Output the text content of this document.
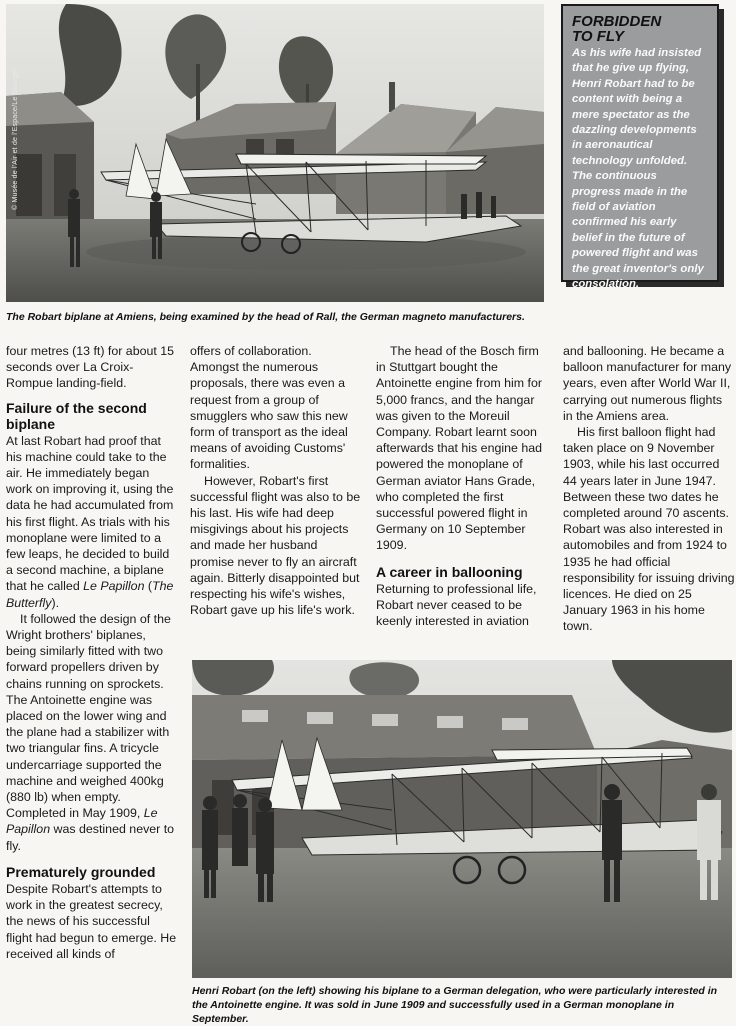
© Musée de l'Air et de l'Espace/Le Bourget
FORBIDDEN
TO FLY

As his wife had insisted that he give up flying, Henri Robart had to be content with being a mere spectator as the dazzling developments in aeronautical technology unfolded. The continuous progress made in the field of aviation confirmed his early belief in the future of powered flight and was the great inventor's only consolation.

The Robart biplane at Amiens, being examined by the head of Rall, the German magneto manufacturers.

four metres (13 ft) for about 15 seconds over La Croix-Rompue landing-field.

Failure of the second biplane

At last Robart had proof that his machine could take to the air. He immediately began work on improving it, using the data he had accumulated from his first flight. As trials with his monoplane were limited to a few leaps, he decided to build a second machine, a biplane that he called Le Papillon (The Butterfly).

It followed the design of the Wright brothers' biplanes, being similarly fitted with two forward propellers driven by chains running on sprockets. The Antoinette engine was placed on the lower wing and the plane had a stabilizer with two triangular fins. A tricycle undercarriage supported the machine and weighed 400kg (880 lb) when empty. Completed in May 1909, Le Papillon was destined never to fly.

Prematurely grounded

Despite Robart's attempts to work in the greatest secrecy, the news of his successful flight had begun to emerge. He received all kinds of

offers of collaboration. Amongst the numerous proposals, there was even a request from a group of smugglers who saw this new form of transport as the ideal means of avoiding Customs' formalities.

However, Robart's first successful flight was also to be his last. His wife had deep misgivings about his projects and made her husband promise never to fly an aircraft again. Bitterly disappointed but respecting his wife's wishes, Robart gave up his life's work.

The head of the Bosch firm in Stuttgart bought the Antoinette engine from him for 5,000 francs, and the hangar was given to the Moreuil Company. Robart learnt soon afterwards that his engine had powered the monoplane of German aviator Hans Grade, who completed the first successful powered flight in Germany on 10 September 1909.

A career in ballooning

Returning to professional life, Robart never ceased to be keenly interested in aviation

and ballooning. He became a balloon manufacturer for many years, even after World War II, carrying out numerous flights in the Amiens area.

His first balloon flight had taken place on 9 November 1903, while his last occurred 44 years later in June 1947. Between these two dates he completed around 70 ascents. Robart was also interested in automobiles and from 1924 to 1935 he had official responsibility for issuing driving licences. He died on 25 January 1963 in his home town.

Henri Robart (on the left) showing his biplane to a German delegation, who were particularly interested in the Antoinette engine. It was sold in June 1909 and successfully used in a German monoplane in September.
